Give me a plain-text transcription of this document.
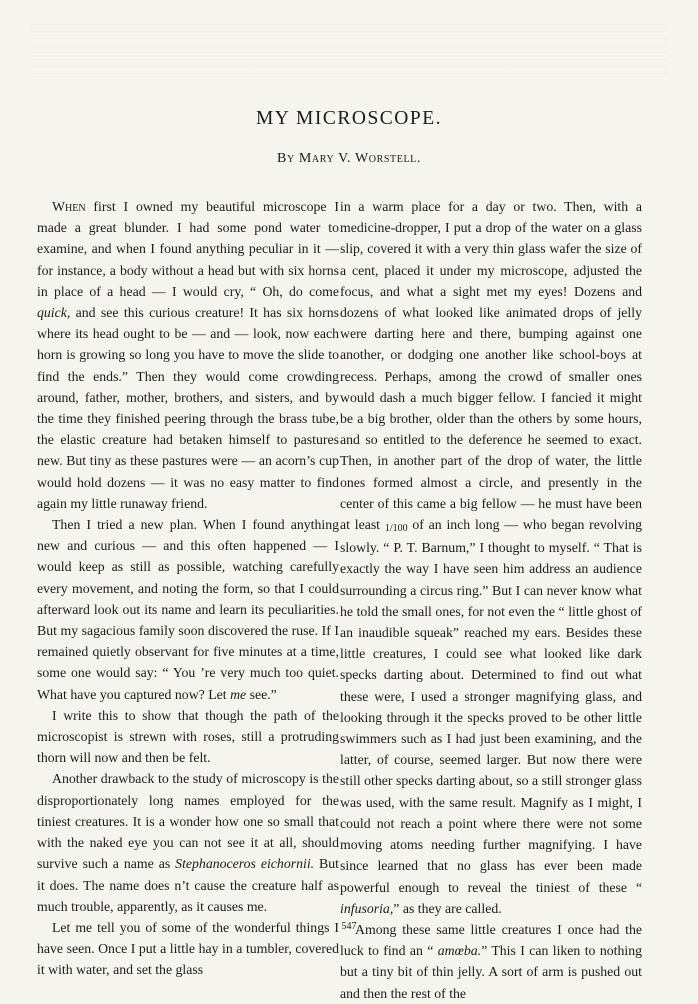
MY MICROSCOPE.
By Mary V. Worstell.

When first I owned my beautiful microscope I made a great blunder. I had some pond water to examine, and when I found anything peculiar in it — for instance, a body without a head but with six horns in place of a head — I would cry, “ Oh, do come quick, and see this curious creature! It has six horns where its head ought to be — and — look, now each horn is growing so long you have to move the slide to find the ends.” Then they would come crowding around, father, mother, brothers, and sisters, and by the time they finished peering through the brass tube, the elastic creature had betaken himself to pastures new. But tiny as these pastures were — an acorn’s cup would hold dozens — it was no easy matter to find again my little runaway friend.

Then I tried a new plan. When I found anything new and curious — and this often happened — I would keep as still as possible, watching carefully every movement, and noting the form, so that I could afterward look out its name and learn its peculiarities. But my sagacious family soon discovered the ruse. If I remained quietly observant for five minutes at a time, some one would say: “ You ’re very much too quiet. What have you captured now? Let me see.”

I write this to show that though the path of the microscopist is strewn with roses, still a protruding thorn will now and then be felt.

Another drawback to the study of microscopy is the disproportionately long names employed for the tiniest creatures. It is a wonder how one so small that with the naked eye you can not see it at all, should survive such a name as Stephanoceros eichornii. But it does. The name does n’t cause the creature half as much trouble, apparently, as it causes me.

Let me tell you of some of the wonderful things I have seen. Once I put a little hay in a tumbler, covered it with water, and set the glass

in a warm place for a day or two. Then, with a medicine-dropper, I put a drop of the water on a glass slip, covered it with a very thin glass wafer the size of a cent, placed it under my microscope, adjusted the focus, and what a sight met my eyes! Dozens and dozens of what looked like animated drops of jelly were darting here and there, bumping against one another, or dodging one another like school-boys at recess. Perhaps, among the crowd of smaller ones would dash a much bigger fellow. I fancied it might be a big brother, older than the others by some hours, and so entitled to the deference he seemed to exact. Then, in another part of the drop of water, the little ones formed almost a circle, and presently in the center of this came a big fellow — he must have been at least 1/100 of an inch long — who began revolving slowly. “ P. T. Barnum,” I thought to myself. “ That is exactly the way I have seen him address an audience surrounding a circus ring.” But I can never know what he told the small ones, for not even the “ little ghost of an inaudible squeak” reached my ears. Besides these little creatures, I could see what looked like dark specks darting about. Determined to find out what these were, I used a stronger magnifying glass, and looking through it the specks proved to be other little swimmers such as I had just been examining, and the latter, of course, seemed larger. But now there were still other specks darting about, so a still stronger glass was used, with the same result. Magnify as I might, I could not reach a point where there were not some moving atoms needing further magnifying. I have since learned that no glass has ever been made powerful enough to reveal the tiniest of these “ infusoria,” as they are called.

Among these same little creatures I once had the luck to find an “ amœba.” This I can liken to nothing but a tiny bit of thin jelly. A sort of arm is pushed out and then the rest of the

547
